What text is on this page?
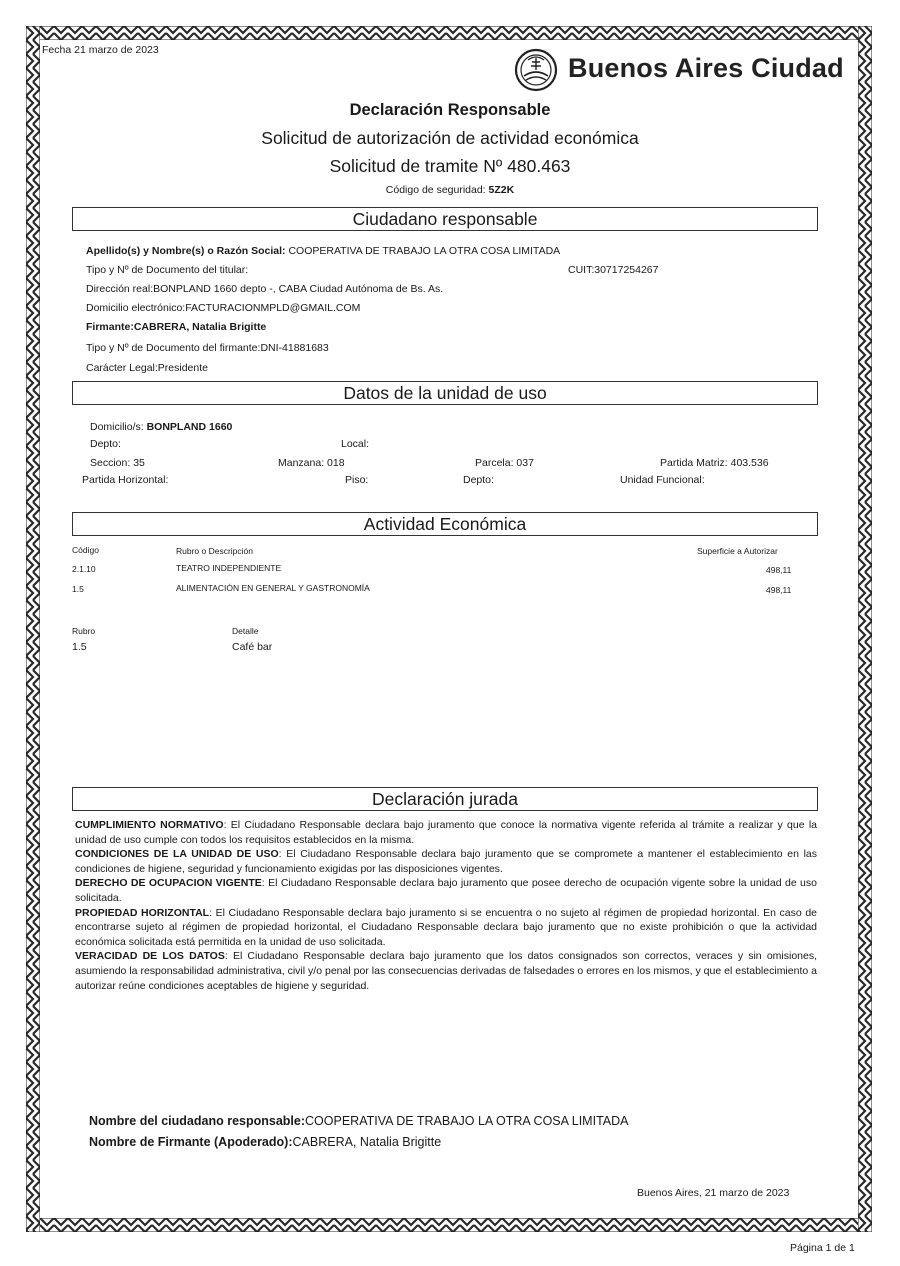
Fecha 21 marzo de 2023
Buenos Aires Ciudad
Declaración Responsable
Solicitud de autorización de actividad económica
Solicitud de tramite Nº 480.463
Código de seguridad: 5Z2K
Ciudadano responsable
Apellido(s) y Nombre(s) o Razón Social: COOPERATIVA DE TRABAJO LA OTRA COSA LIMITADA
Tipo y Nº de Documento del titular:	CUIT:30717254267
Dirección real:BONPLAND 1660 depto -, CABA Ciudad Autónoma de Bs. As.
Domicilio electrónico:FACTURACIONMPLD@GMAIL.COM
Firmante:CABRERA, Natalia Brigitte
Tipo y Nº de Documento del firmante:DNI-41881683
Carácter Legal:Presidente
Datos de la unidad de uso
Domicilio/s: BONPLAND 1660
Depto:	Local:
Seccion: 35	Manzana: 018	Parcela: 037	Partida Matriz: 403.536
Partida Horizontal:	Piso:	Depto:	Unidad Funcional:
Actividad Económica
Código	Rubro o Descripción	Superficie a Autorizar
2.1.10	TEATRO INDEPENDIENTE	498,11
1.5	ALIMENTACIÓN EN GENERAL Y GASTRONOMÍA	498,11
Rubro	Detalle
1.5	Café bar
Declaración jurada

CUMPLIMIENTO NORMATIVO: El Ciudadano Responsable declara bajo juramento que conoce la normativa vigente referida al trámite a realizar y que la unidad de uso cumple con todos los requisitos establecidos en la misma.

CONDICIONES DE LA UNIDAD DE USO: El Ciudadano Responsable declara bajo juramento que se compromete a mantener el establecimiento en las condiciones de higiene, seguridad y funcionamiento exigidas por las disposiciones vigentes.

DERECHO DE OCUPACION VIGENTE: El Ciudadano Responsable declara bajo juramento que posee derecho de ocupación vigente sobre la unidad de uso solicitada.

PROPIEDAD HORIZONTAL: El Ciudadano Responsable declara bajo juramento si se encuentra o no sujeto al régimen de propiedad horizontal. En caso de encontrarse sujeto al régimen de propiedad horizontal, el Ciudadano Responsable declara bajo juramento que no existe prohibición o que la actividad económica solicitada está permitida en la unidad de uso solicitada.

VERACIDAD DE LOS DATOS: El Ciudadano Responsable declara bajo juramento que los datos consignados son correctos, veraces y sin omisiones, asumiendo la responsabilidad administrativa, civil y/o penal por las consecuencias derivadas de falsedades o errores en los mismos, y que el establecimiento a autorizar reúne condiciones aceptables de higiene y seguridad.

Nombre del ciudadano responsable:COOPERATIVA DE TRABAJO LA OTRA COSA LIMITADA
Nombre de Firmante (Apoderado):CABRERA, Natalia Brigitte
Buenos Aires, 21 marzo de 2023
Página 1 de 1
